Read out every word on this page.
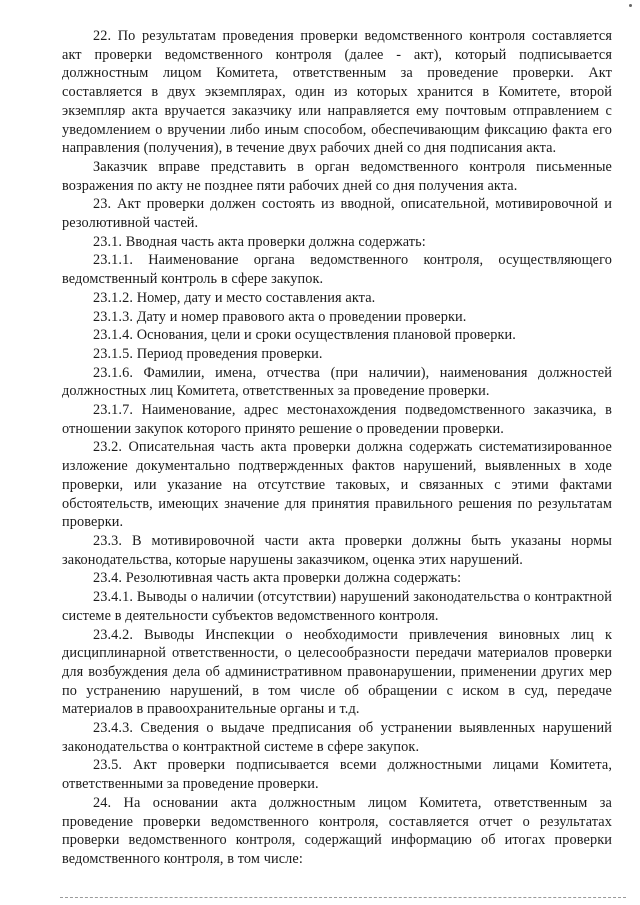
22. По результатам проведения проверки ведомственного контроля составляется акт проверки ведомственного контроля (далее - акт), который подписывается должностным лицом Комитета, ответственным за проведение проверки. Акт составляется в двух экземплярах, один из которых хранится в Комитете, второй экземпляр акта вручается заказчику или направляется ему почтовым отправлением с уведомлением о вручении либо иным способом, обеспечивающим фиксацию факта его направления (получения), в течение двух рабочих дней со дня подписания акта.

Заказчик вправе представить в орган ведомственного контроля письменные возражения по акту не позднее пяти рабочих дней со дня получения акта.

23. Акт проверки должен состоять из вводной, описательной, мотивировочной и резолютивной частей.

23.1. Вводная часть акта проверки должна содержать:

23.1.1. Наименование органа ведомственного контроля, осуществляющего ведомственный контроль в сфере закупок.

23.1.2. Номер, дату и место составления акта.

23.1.3. Дату и номер правового акта о проведении проверки.

23.1.4. Основания, цели и сроки осуществления плановой проверки.

23.1.5. Период проведения проверки.

23.1.6. Фамилии, имена, отчества (при наличии), наименования должностей должностных лиц Комитета, ответственных за проведение проверки.

23.1.7. Наименование, адрес местонахождения подведомственного заказчика, в отношении закупок которого принято решение о проведении проверки.

23.2. Описательная часть акта проверки должна содержать систематизированное изложение документально подтвержденных фактов нарушений, выявленных в ходе проверки, или указание на отсутствие таковых, и связанных с этими фактами обстоятельств, имеющих значение для принятия правильного решения по результатам проверки.

23.3. В мотивировочной части акта проверки должны быть указаны нормы законодательства, которые нарушены заказчиком, оценка этих нарушений.

23.4. Резолютивная часть акта проверки должна содержать:

23.4.1. Выводы о наличии (отсутствии) нарушений законодательства о контрактной системе в деятельности субъектов ведомственного контроля.

23.4.2. Выводы Инспекции о необходимости привлечения виновных лиц к дисциплинарной ответственности, о целесообразности передачи материалов проверки для возбуждения дела об административном правонарушении, применении других мер по устранению нарушений, в том числе об обращении с иском в суд, передаче материалов в правоохранительные органы и т.д.

23.4.3. Сведения о выдаче предписания об устранении выявленных нарушений законодательства о контрактной системе в сфере закупок.

23.5. Акт проверки подписывается всеми должностными лицами Комитета, ответственными за проведение проверки.

24. На основании акта должностным лицом Комитета, ответственным за проведение проверки ведомственного контроля, составляется отчет о результатах проверки ведомственного контроля, содержащий информацию об итогах проверки ведомственного контроля, в том числе:
